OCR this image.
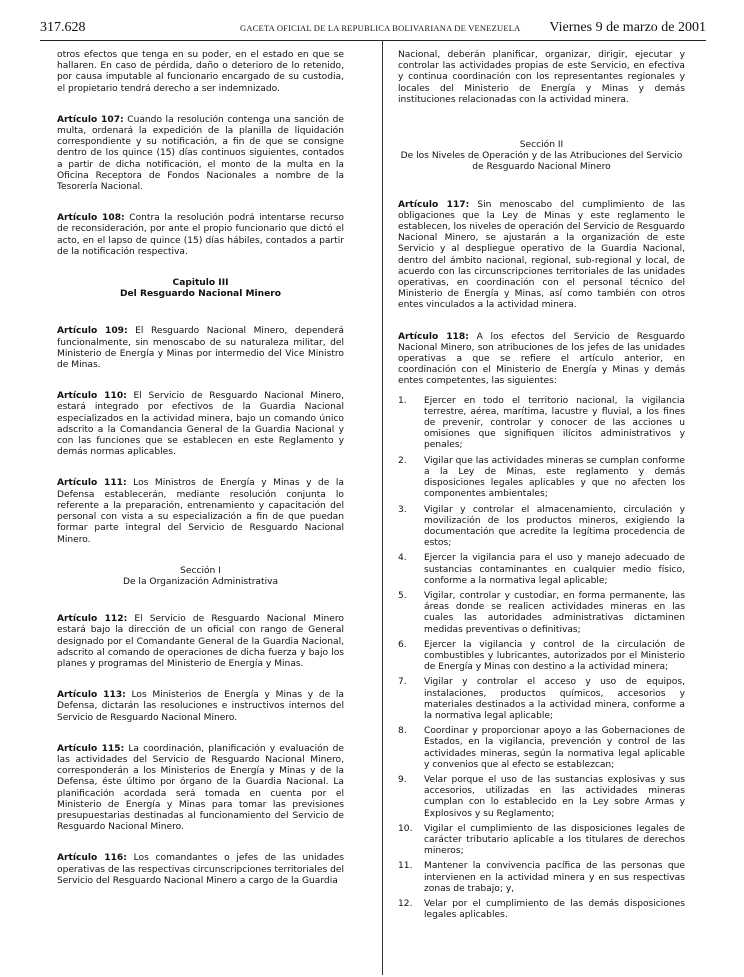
317.628	GACETA OFICIAL DE LA REPUBLICA BOLIVARIANA DE VENEZUELA Viernes 9 de marzo de 2001

otros efectos que tenga en su poder, en el estado en que se hallaren. En caso de pérdida, daño o deterioro de lo retenido, por causa imputable al funcionario encargado de su custodia, el propietario tendrá derecho a ser indemnizado.

Artículo 107: Cuando la resolución contenga una sanción de multa, ordenará la expedición de la planilla de liquidación correspondiente y su notificación, a fin de que se consigne dentro de los quince (15) días continuos siguientes, contados a partir de dicha notificación, el monto de la multa en la Oficina Receptora de Fondos Nacionales a nombre de la Tesorería Nacional.

Artículo 108: Contra la resolución podrá intentarse recurso de reconsideración, por ante el propio funcionario que dictó el acto, en el lapso de quince (15) días hábiles, contados a partir de la notificación respectiva.

Capitulo III
Del Resguardo Nacional Minero

Artículo 109: El Resguardo Nacional Minero, dependerá funcionalmente, sin menoscabo de su naturaleza militar, del Ministerio de Energía y Minas por intermedio del Vice Ministro de Minas.

Artículo 110: El Servicio de Resguardo Nacional Minero, estará integrado por efectivos de la Guardia Nacional especializados en la actividad minera, bajo un comando único adscrito a la Comandancia General de la Guardia Nacional y con las funciones que se establecen en este Reglamento y demás normas aplicables.

Artículo 111: Los Ministros de Energía y Minas y de la Defensa establecerán, mediante resolución conjunta lo referente a la preparación, entrenamiento y capacitación del personal con vista a su especialización a fin de que puedan formar parte integral del Servicio de Resguardo Nacional Minero.

Sección I
De la Organización Administrativa

Artículo 112: El Servicio de Resguardo Nacional Minero estará bajo la dirección de un oficial con rango de General designado por el Comandante General de la Guardia Nacional, adscrito al comando de operaciones de dicha fuerza y bajo los planes y programas del Ministerio de Energía y Minas.

Artículo 113: Los Ministerios de Energía y Minas y de la Defensa, dictarán las resoluciones e instructivos internos del Servicio de Resguardo Nacional Minero.

Artículo 115: La coordinación, planificación y evaluación de las actividades del Servicio de Resguardo Nacional Minero, corresponderán a los Ministerios de Energía y Minas y de la Defensa, éste último por órgano de la Guardia Nacional. La planificación acordada será tomada en cuenta por el Ministerio de Energía y Minas para tomar las previsiones presupuestarias destinadas al funcionamiento del Servicio de Resguardo Nacional Minero.

Artículo 116: Los comandantes o jefes de las unidades operativas de las respectivas circunscripciones territoriales del Servicio del Resguardo Nacional Minero a cargo de la Guardia

Nacional, deberán planificar, organizar, dirigir, ejecutar y controlar las actividades propias de este Servicio, en efectiva y continua coordinación con los representantes regionales y locales del Ministerio de Energía y Minas y demás instituciones relacionadas con la actividad minera.

Sección II
De los Niveles de Operación y de las Atribuciones del Servicio de Resguardo Nacional Minero

Artículo 117: Sin menoscabo del cumplimiento de las obligaciones que la Ley de Minas y este reglamento le establecen, los niveles de operación del Servicio de Resguardo Nacional Minero, se ajustarán a la organización de este Servicio y al despliegue operativo de la Guardia Nacional, dentro del ámbito nacional, regional, sub-regional y local, de acuerdo con las circunscripciones territoriales de las unidades operativas, en coordinación con el personal técnico del Ministerio de Energía y Minas, así como también con otros entes vinculados a la actividad minera.

Artículo 118: A los efectos del Servicio de Resguardo Nacional Minero, son atribuciones de los jefes de las unidades operativas a que se refiere el artículo anterior, en coordinación con el Ministerio de Energía y Minas y demás entes competentes, las siguientes:

1.	Ejercer en todo el territorio nacional, la vigilancia terrestre, aérea, marítima, lacustre y fluvial, a los fines de prevenir, controlar y conocer de las acciones u omisiones que signifiquen ilícitos administrativos y penales;
2.	Vigilar que las actividades mineras se cumplan conforme a la Ley de Minas, este reglamento y demás disposiciones legales aplicables y que no afecten los componentes ambientales;
3.	Vigilar y controlar el almacenamiento, circulación y movilización de los productos mineros, exigiendo la documentación que acredite la legítima procedencia de estos;
4.	Ejercer la vigilancia para el uso y manejo adecuado de sustancias contaminantes en cualquier medio físico, conforme a la normativa legal aplicable;
5.	Vigilar, controlar y custodiar, en forma permanente, las áreas donde se realicen actividades mineras en las cuales las autoridades administrativas dictaminen medidas preventivas o definitivas;
6.	Ejercer la vigilancia y control de la circulación de combustibles y lubricantes, autorizados por el Ministerio de Energía y Minas con destino a la actividad minera;
7.	Vigilar y controlar el acceso y uso de equipos, instalaciones, productos químicos, accesorios y materiales destinados a la actividad minera, conforme a la normativa legal aplicable;
8.	Coordinar y proporcionar apoyo a las Gobernaciones de Estados, en la vigilancia, prevención y control de las actividades mineras, según la normativa legal aplicable y convenios que al efecto se establezcan;
9.	Velar porque el uso de las sustancias explosivas y sus accesorios, utilizadas en las actividades mineras cumplan con lo establecido en la Ley sobre Armas y Explosivos y su Reglamento;
10.	Vigilar el cumplimiento de las disposiciones legales de carácter tributario aplicable a los titulares de derechos mineros;
11.	Mantener la convivencia pacífica de las personas que intervienen en la actividad minera y en sus respectivas zonas de trabajo; y,
12.	Velar por el cumplimiento de las demás disposiciones legales aplicables.
